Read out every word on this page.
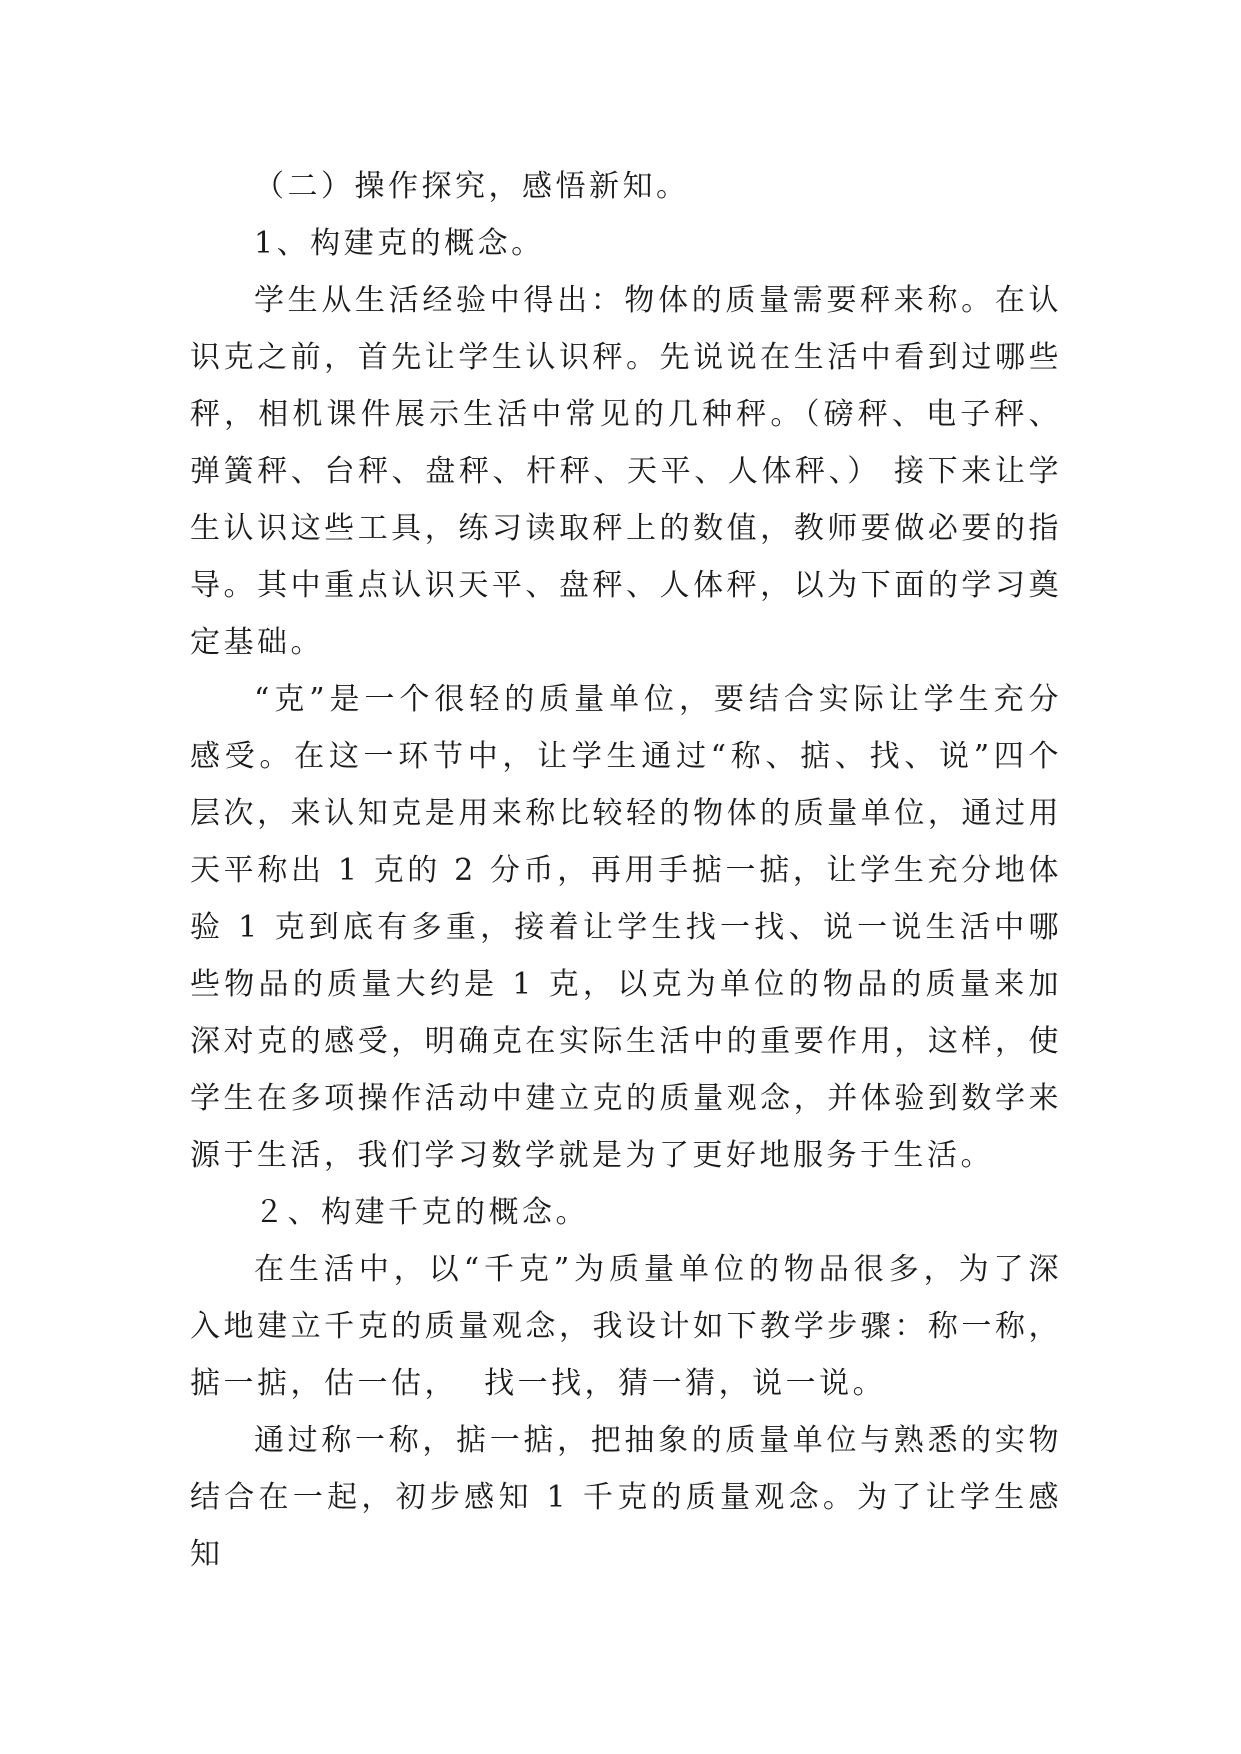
（二）操作探究，感悟新知。

1、构建克的概念。

学生从生活经验中得出：物体的质量需要秤来称。在认识克之前，首先让学生认识秤。先说说在生活中看到过哪些秤，相机课件展示生活中常见的几种秤。（磅秤、电子秤、弹簧秤、台秤、盘秤、杆秤、天平、人体秤、） 接下来让学生认识这些工具，练习读取秤上的数值，教师要做必要的指导。其中重点认识天平、盘秤、人体秤，以为下面的学习奠定基础。

“克”是一个很轻的质量单位，要结合实际让学生充分感受。在这一环节中，让学生通过“称、掂、找、说”四个层次，来认知克是用来称比较轻的物体的质量单位，通过用天平称出 1 克的 2 分币，再用手掂一掂，让学生充分地体验 1 克到底有多重，接着让学生找一找、说一说生活中哪些物品的质量大约是 1 克，以克为单位的物品的质量来加深对克的感受，明确克在实际生活中的重要作用，这样，使学生在多项操作活动中建立克的质量观念，并体验到数学来源于生活，我们学习数学就是为了更好地服务于生活。

２、构建千克的概念。

在生活中，以“千克”为质量单位的物品很多，为了深入地建立千克的质量观念，我设计如下教学步骤：称一称，掂一掂，估一估，  找一找，猜一猜，说一说。

通过称一称，掂一掂，把抽象的质量单位与熟悉的实物结合在一起，初步感知 1 千克的质量观念。为了让学生感知
